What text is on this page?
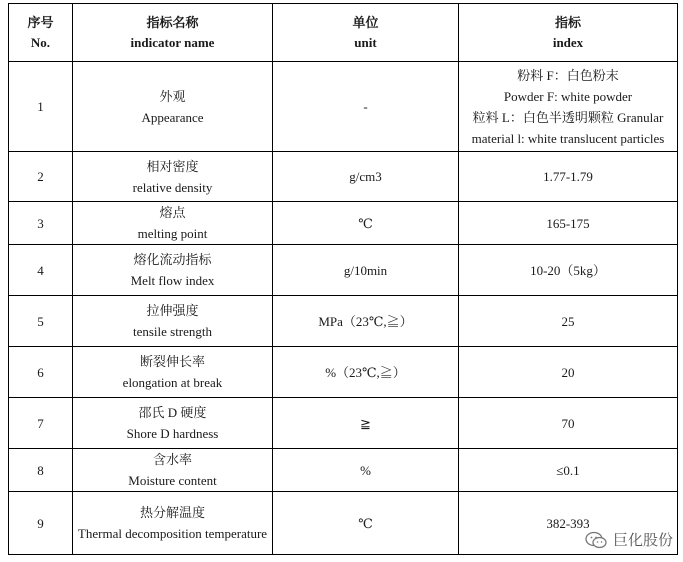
序号
No.	指标名称
indicator name	单位
unit	指标
index

1	外观
Appearance	-	粉料 F：白色粉末
Powder F: white powder
粒料 L：白色半透明颗粒 Granular
material l: white translucent particles

2	相对密度
relative density	g/cm3	1.77-1.79

3	熔点
melting point	℃	165-175

4	熔化流动指标
Melt flow index	g/10min	10-20（5kg）

5	拉伸强度
tensile strength	MPa（23℃,≧）	25

6	断裂伸长率
elongation at break	%（23℃,≧）	20

7	邵氏 D 硬度
Shore D hardness	≧	70

8	含水率
Moisture content	%	≤0.1

9	热分解温度
Thermal decomposition temperature	℃	382-393
巨化股份
